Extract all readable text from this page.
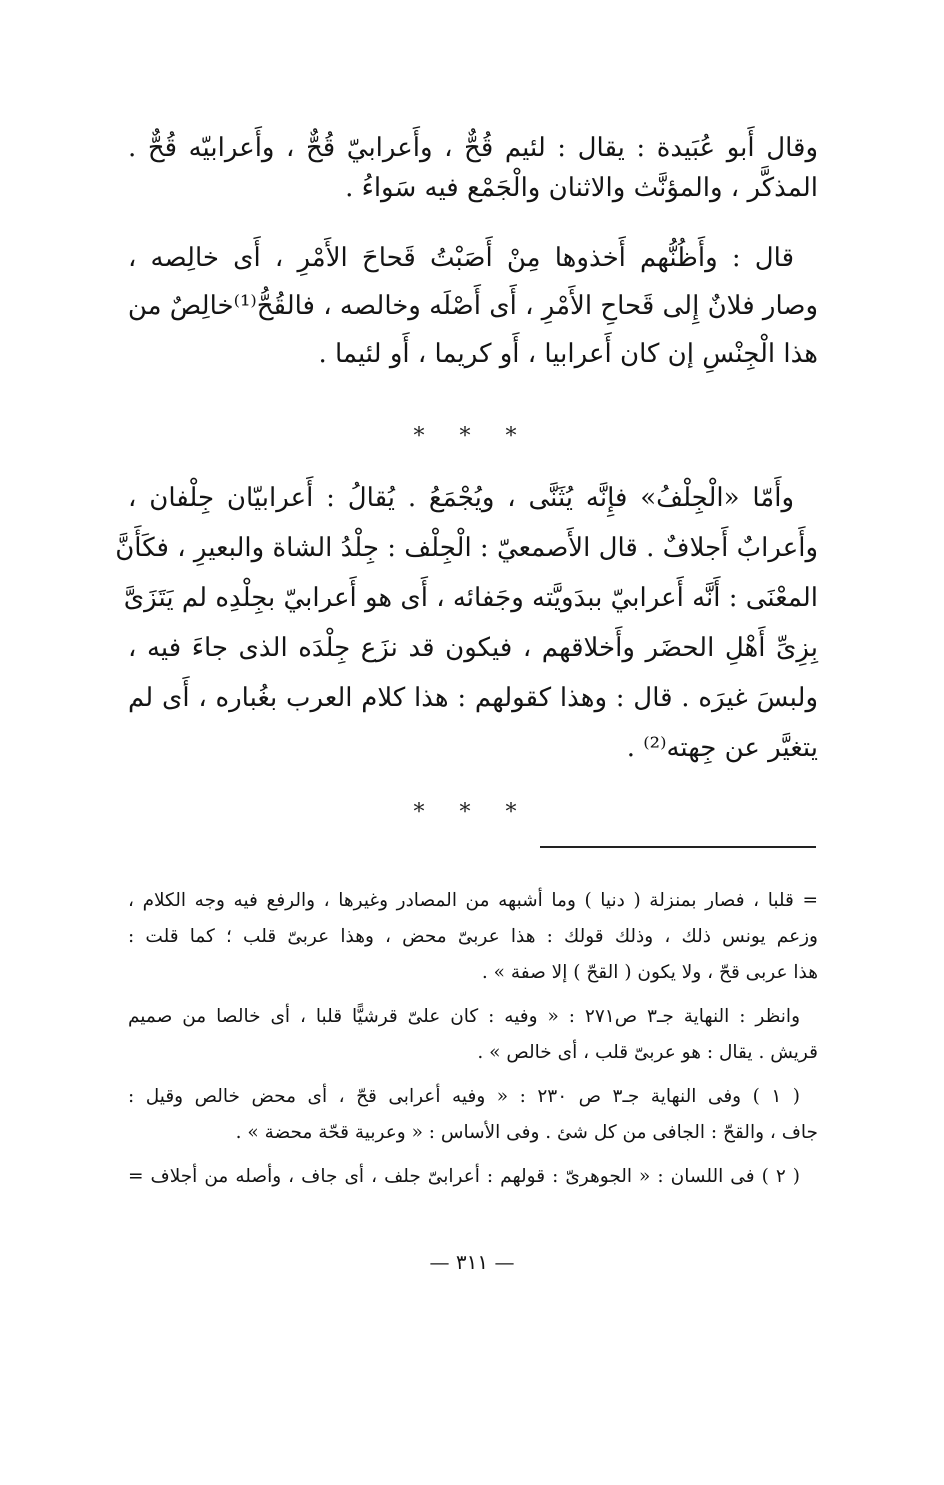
وقال أَبو عُبَيدة : يقال : لئيم قُحٌّ ، وأَعرابيّ قُحٌّ ، وأَعرابيّه قُحٌّ .
المذكَّر ، والمؤنَّث والاثنان والْجَمْع فيه سَواءُ .
قال : وأَظُنُّهم أَخذوها مِنْ أَصَبْتُ قَحاحَ الأَمْرِ ، أَى خالِصه ،
وصار فلانٌ إِلى قَحاحِ الأَمْرِ ، أَى أَصْلَه وخالصه ، فالقُحُّ⁽¹⁾خالِصٌ من
هذا الْجِنْسِ إن كان أَعرابيا ، أَو كريما ، أَو لئيما .
* * *
وأَمّا «الْجِلْفُ» فإِنَّه يُثَنَّى ، ويُجْمَعُ . يُقالُ : أَعرابيّان جِلْفان ،
وأَعرابٌ أَجلافٌ . قال الأَصمعيّ : الْجِلْف : جِلْدُ الشاة والبعيرِ ، فكَأَنَّ
المعْنَى : أَنَّه أَعرابيّ ببدَويَّته وجَفائه ، أَى هو أَعرابيّ بجِلْدِه لم يَتَزَىَّ
بِزِىِّ أَهْلِ الحضَر وأَخلاقهم ، فيكون قد نزَع جِلْدَه الذى جاءَ فيه ،
ولبسَ غيرَه . قال : وهذا كقولهم : هذا كلام العرب بغُباره ، أَى لم
يتغيَّر عن جِهته⁽²⁾ .
* * *
= قلبا ، فصار بمنزلة ( دنيا ) وما أشبهه من المصادر وغيرها ، والرفع فيه وجه الكلام ،
وزعم يونس ذلك ، وذلك قولك : هذا عربىّ محض ، وهذا عربىّ قلب ؛ كما قلت :
هذا عربى قحّ ، ولا يكون ( القحّ ) إلا صفة » .
وانظر : النهاية جـ٣ ص٢٧١ : « وفيه : كان علىّ قرشيًّا قلبا ، أى خالصا من صميم
قريش . يقال : هو عربىّ قلب ، أى خالص » .
( ١ ) وفى النهاية جـ٣ ص ٢٣٠ : « وفيه أعرابى قحّ ، أى محض خالص وقيل :
جاف ، والقحّ : الجافى من كل شئ . وفى الأساس : « وعربية قحّة محضة » .
( ٢ ) فى اللسان : « الجوهرىّ : قولهم : أعرابىّ جلف ، أى جاف ، وأصله من أجلاف =
— ٣١١ —
